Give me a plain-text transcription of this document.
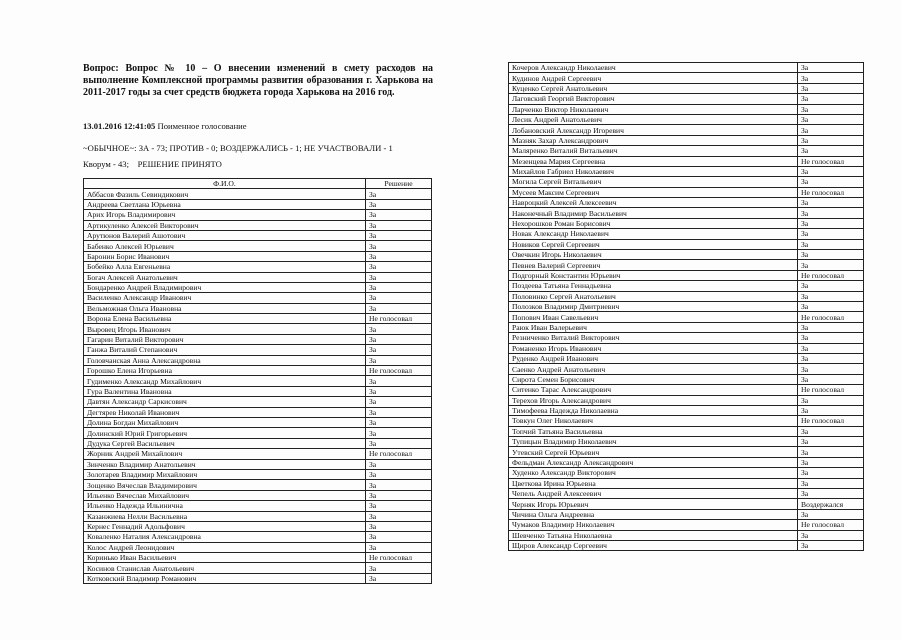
Вопрос: Вопрос № 10 – О внесении изменений в смету расходов на выполнение Комплексной программы развития образования г. Харькова на 2011-2017 годы за счет средств бюджета города Харькова на 2016 год.

13.01.2016 12:41:05 Поименное голосование

~ОБЫЧНОЕ~: ЗА - 73; ПРОТИВ - 0; ВОЗДЕРЖАЛИСЬ - 1; НЕ УЧАСТВОВАЛИ - 1

Кворум - 43; РЕШЕНИЕ ПРИНЯТО

Ф.И.О.	Решение
Аббасов Фазиль Севиндикович	За
Андреева Светлана Юрьевна	За
Арих Игорь Владимирович	За
Артикуленко Алексей Викторович	За
Арутюнов Валерий Ашотович	За
Бабенко Алексей Юрьевич	За
Баронин Борис Иванович	За
Бобейко Алла Евгеньевна	За
Богач Алексей Анатольевич	За
Бондаренко Андрей Владимирович	За
Василенко Александр Иванович	За
Вельможная Ольга Ивановна	За
Ворона Елена Васильевна	Не голосовал
Выровец Игорь Иванович	За
Гагарин Виталий Викторович	За
Ганжа Виталий Степанович	За
Головчанская Анна Александровна	За
Горошко Елена Игорьевна	Не голосовал
Гудименко Александр Михайлович	За
Гура Валентина Ивановна	За
Давтян Александр Саркисович	За
Дегтярев Николай Иванович	За
Долина Богдан Михайлович	За
Долинский Юрий Григорьевич	За
Дудука Сергей Васильевич	За
Жорник Андрей Михайлович	Не голосовал
Зинченко Владимир Анатольевич	За
Золотарев Владимир Михайлович	За
Зощенко Вячеслав Владимирович	За
Ильенко Вячеслав Михайлович	За
Ильенко Надежда Ильинична	За
Казанжиева Нелли Васильевна	За
Кернес Геннадий Адольфович	За
Коваленко Наталия Александровна	За
Колос Андрей Леонидович	За
Коринько Иван Васильевич	Не голосовал
Косинов Станислав Анатольевич	За
Котковский Владимир Романович	За
Кочеров Александр Николаевич	За
Кудинов Андрей Сергеевич	За
Куценко Сергей Анатольевич	За
Лаговский Георгий Викторович	За
Ларченко Виктор Николаевич	За
Лесик Андрей Анатольевич	За
Лобановский Александр Игоревич	За
Мазняк Захар Александрович	За
Маляренко Виталий Витальевич	За
Мезенцева Мария Сергеевна	Не голосовал
Михайлов Габриел Николаевич	За
Могила Сергей Витальевич	За
Мусеев Максим Сергеевич	Не голосовал
Навроцкий Алексей Алексеевич	За
Наконечный Владимир Васильевич	За
Нехорошков Роман Борисович	За
Новак Александр Николаевич	За
Новиков Сергей Сергеевич	За
Овечкин Игорь Николаевич	За
Певнев Валерий Сергеевич	За
Подгорный Константин Юрьевич	Не голосовал
Поздеева Татьяна Геннадьевна	За
Половинко Сергей Анатольевич	За
Полозков Владимир Дмитриевич	За
Попович Иван Савельевич	Не голосовал
Раюк Иван Валерьевич	За
Резниченко Виталий Викторович	За
Романенко Игорь Иванович	За
Руденко Андрей Иванович	За
Саенко Андрей Анатольевич	За
Сирота Семен Борисович	За
Ситенко Тарас Александрович	Не голосовал
Терехов Игорь Александрович	За
Тимофеева Надежда Николаевна	За
Товкун Олег Николаевич	Не голосовал
Топчий Татьяна Васильевна	За
Тупицын Владимир Николаевич	За
Утевский Сергей Юрьевич	За
Фельдман Александр Александрович	За
Худенко Александр Викторович	За
Цветкова Ирина Юрьевна	За
Чепель Андрей Алексеевич	За
Черняк Игорь Юрьевич	Воздержался
Чичина Ольга Андреевна	За
Чумаков Владимир Николаевич	Не голосовал
Шевченко Татьяна Николаевна	За
Щиров Александр Сергеевич	За
